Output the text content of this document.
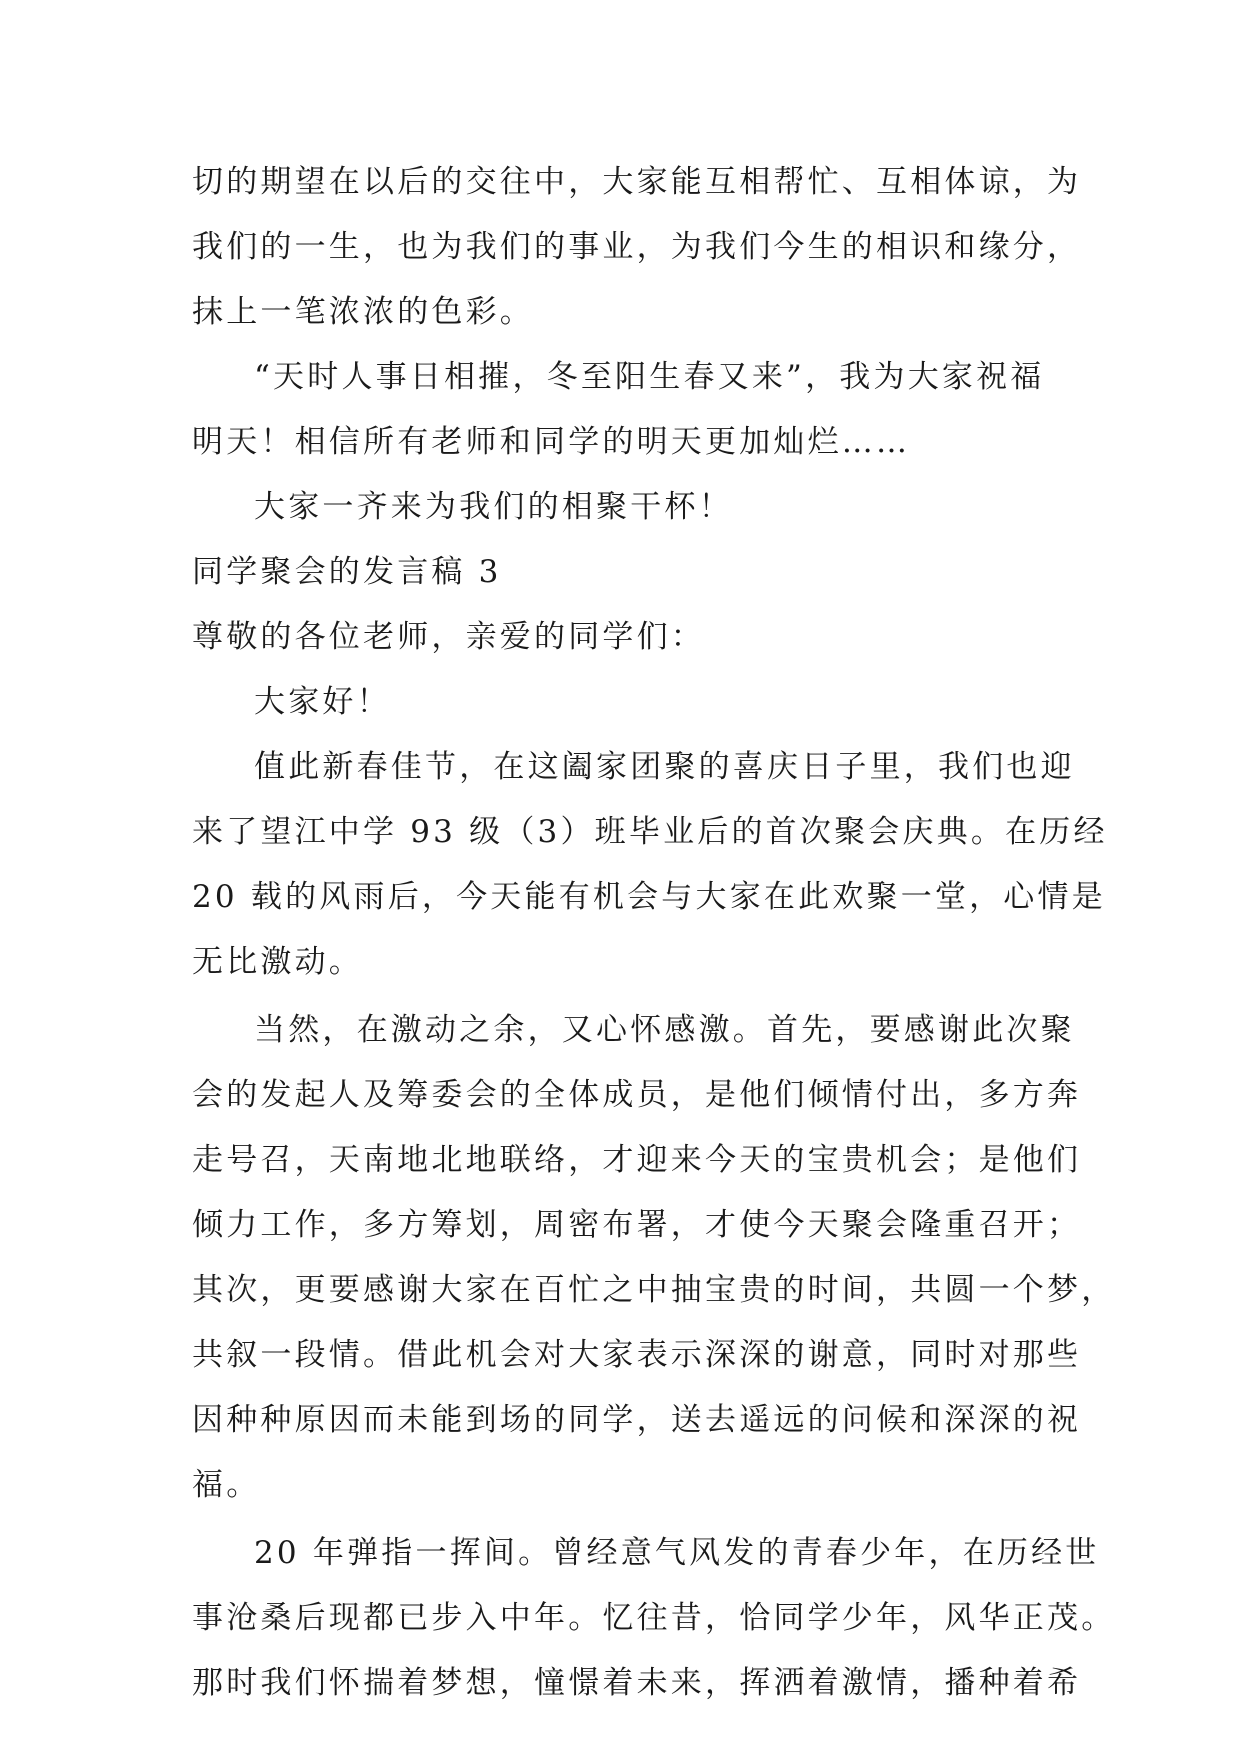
切的期望在以后的交往中，大家能互相帮忙、互相体谅，为

我们的一生，也为我们的事业，为我们今生的相识和缘分，

抹上一笔浓浓的色彩。

“天时人事日相摧，冬至阳生春又来”，我为大家祝福

明天！相信所有老师和同学的明天更加灿烂……

大家一齐来为我们的相聚干杯！

同学聚会的发言稿 3

尊敬的各位老师，亲爱的同学们：

大家好！

值此新春佳节，在这阖家团聚的喜庆日子里，我们也迎

来了望江中学 93 级（3）班毕业后的首次聚会庆典。在历经

20 载的风雨后，今天能有机会与大家在此欢聚一堂，心情是

无比激动。

当然，在激动之余，又心怀感激。首先，要感谢此次聚

会的发起人及筹委会的全体成员，是他们倾情付出，多方奔

走号召，天南地北地联络，才迎来今天的宝贵机会；是他们

倾力工作，多方筹划，周密布署，才使今天聚会隆重召开；

其次，更要感谢大家在百忙之中抽宝贵的时间，共圆一个梦，

共叙一段情。借此机会对大家表示深深的谢意，同时对那些

因种种原因而未能到场的同学，送去遥远的问候和深深的祝

福。

20 年弹指一挥间。曾经意气风发的青春少年，在历经世

事沧桑后现都已步入中年。忆往昔，恰同学少年，风华正茂。

那时我们怀揣着梦想，憧憬着未来，挥洒着激情，播种着希
